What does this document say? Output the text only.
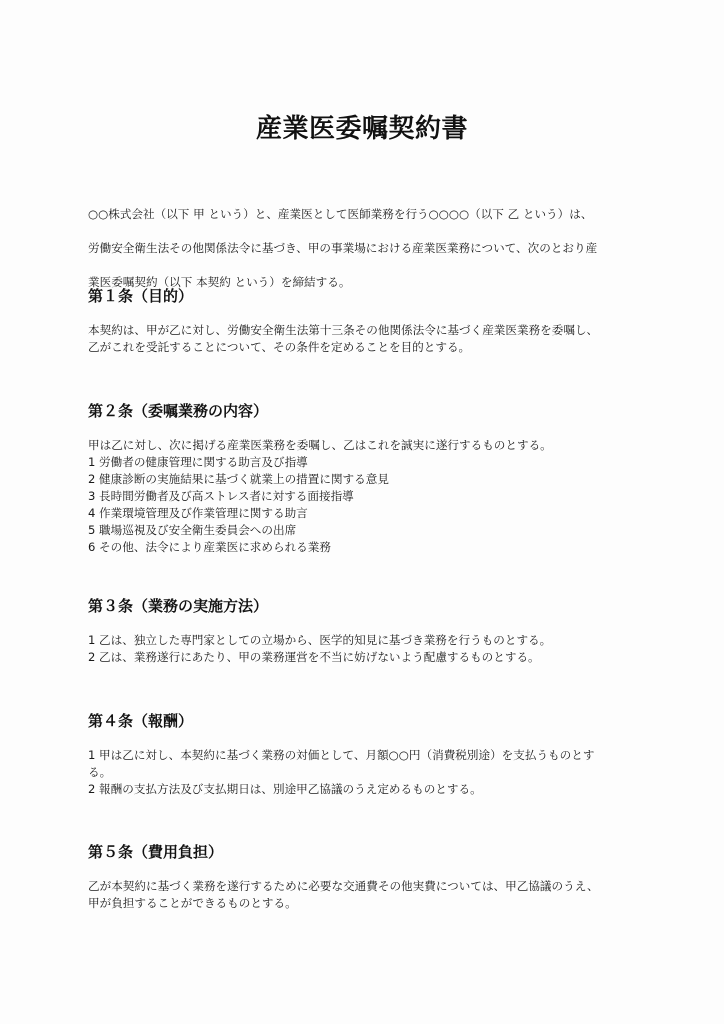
産業医委嘱契約書

○○株式会社（以下 甲 という）と、産業医として医師業務を行う○○○○（以下 乙 という）は、

労働安全衛生法その他関係法令に基づき、甲の事業場における産業医業務について、次のとおり産

業医委嘱契約（以下 本契約 という）を締結する。

第１条（目的）
本契約は、甲が乙に対し、労働安全衛生法第十三条その他関係法令に基づく産業医業務を委嘱し、
乙がこれを受託することについて、その条件を定めることを目的とする。
第２条（委嘱業務の内容）
甲は乙に対し、次に掲げる産業医業務を委嘱し、乙はこれを誠実に遂行するものとする。
1 労働者の健康管理に関する助言及び指導
2 健康診断の実施結果に基づく就業上の措置に関する意見
3 長時間労働者及び高ストレス者に対する面接指導
4 作業環境管理及び作業管理に関する助言
5 職場巡視及び安全衛生委員会への出席
6 その他、法令により産業医に求められる業務
第３条（業務の実施方法）
1 乙は、独立した専門家としての立場から、医学的知見に基づき業務を行うものとする。
2 乙は、業務遂行にあたり、甲の業務運営を不当に妨げないよう配慮するものとする。
第４条（報酬）
1 甲は乙に対し、本契約に基づく業務の対価として、月額○○円（消費税別途）を支払うものとす
る。
2 報酬の支払方法及び支払期日は、別途甲乙協議のうえ定めるものとする。
第５条（費用負担）
乙が本契約に基づく業務を遂行するために必要な交通費その他実費については、甲乙協議のうえ、
甲が負担することができるものとする。
